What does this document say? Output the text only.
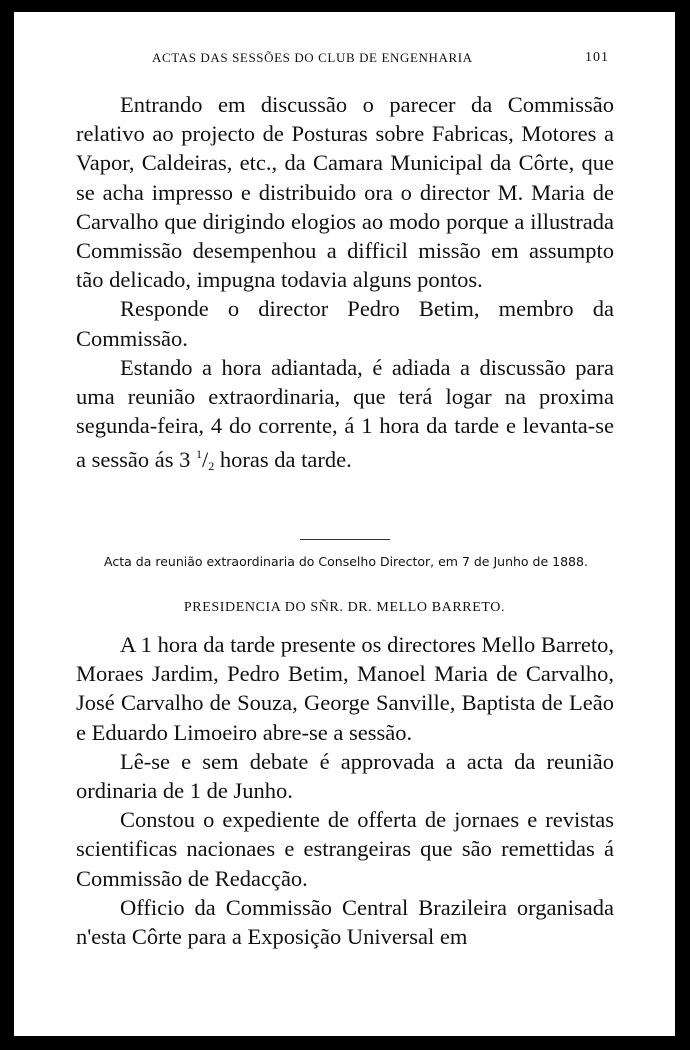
ACTAS DAS SESSÕES DO CLUB DE ENGENHARIA	101

Entrando em discussão o parecer da Commissão relativo ao projecto de Posturas sobre Fabricas, Motores a Vapor, Caldeiras, etc., da Camara Municipal da Côrte, que se acha impresso e distribuido ora o director M. Maria de Carvalho que dirigindo elogios ao modo porque a illustrada Commissão desempenhou a difficil missão em assumpto tão delicado, impugna todavia alguns pontos.

Responde o director Pedro Betim, membro da Commissão.

Estando a hora adiantada, é adiada a discussão para uma reunião extraordinaria, que terá logar na proxima segunda-feira, 4 do corrente, á 1 hora da tarde e levanta-se a sessão ás 3 $^1/_2$ horas da tarde.

Acta da reunião extraordinaria do Conselho Director, em 7 de Junho de 1888.
PRESIDENCIA DO SÑR. DR. MELLO BARRETO.

A 1 hora da tarde presente os directores Mello Barreto, Moraes Jardim, Pedro Betim, Manoel Maria de Carvalho, José Carvalho de Souza, George Sanville, Baptista de Leão e Eduardo Limoeiro abre-se a sessão.

Lê-se e sem debate é approvada a acta da reunião ordinaria de 1 de Junho.

Constou o expediente de offerta de jornaes e revistas scientificas nacionaes e estrangeiras que são remettidas á Commissão de Redacção.

Officio da Commissão Central Brazileira organisada n'esta Côrte para a Exposição Universal em
